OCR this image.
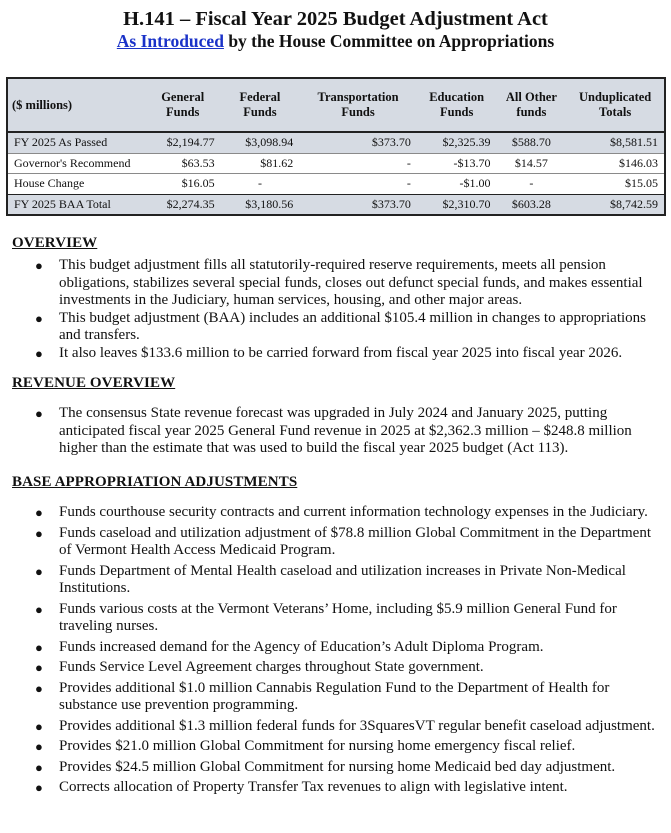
H.141 – Fiscal Year 2025 Budget Adjustment Act

As Introduced by the House Committee on Appropriations

($ millions)	General Funds	Federal Funds	Transportation Funds	Education Funds	All Other funds	Unduplicated Totals
FY 2025 As Passed	$2,194.77	$3,098.94	$373.70	$2,325.39	$588.70	$8,581.51
Governor's Recommend	$63.53	$81.62	-	-$13.70	$14.57	$146.03
House Change	$16.05	-	-	-$1.00	-	$15.05
FY 2025 BAA Total	$2,274.35	$3,180.56	$373.70	$2,310.70	$603.28	$8,742.59

OVERVIEW

● This budget adjustment fills all statutorily-required reserve requirements, meets all pension obligations, stabilizes several special funds, closes out defunct special funds, and makes essential investments in the Judiciary, human services, housing, and other major areas.
● This budget adjustment (BAA) includes an additional $105.4 million in changes to appropriations and transfers.
● It also leaves $133.6 million to be carried forward from fiscal year 2025 into fiscal year 2026.

REVENUE OVERVIEW

● The consensus State revenue forecast was upgraded in July 2024 and January 2025, putting anticipated fiscal year 2025 General Fund revenue in 2025 at $2,362.3 million – $248.8 million higher than the estimate that was used to build the fiscal year 2025 budget (Act 113).

BASE APPROPRIATION ADJUSTMENTS

● Funds courthouse security contracts and current information technology expenses in the Judiciary.
● Funds caseload and utilization adjustment of $78.8 million Global Commitment in the Department of Vermont Health Access Medicaid Program.
● Funds Department of Mental Health caseload and utilization increases in Private Non-Medical Institutions.
● Funds various costs at the Vermont Veterans’ Home, including $5.9 million General Fund for traveling nurses.
● Funds increased demand for the Agency of Education’s Adult Diploma Program.
● Funds Service Level Agreement charges throughout State government.
● Provides additional $1.0 million Cannabis Regulation Fund to the Department of Health for substance use prevention programming.
● Provides additional $1.3 million federal funds for 3SquaresVT regular benefit caseload adjustment.
● Provides $21.0 million Global Commitment for nursing home emergency fiscal relief.
● Provides $24.5 million Global Commitment for nursing home Medicaid bed day adjustment.
● Corrects allocation of Property Transfer Tax revenues to align with legislative intent.
